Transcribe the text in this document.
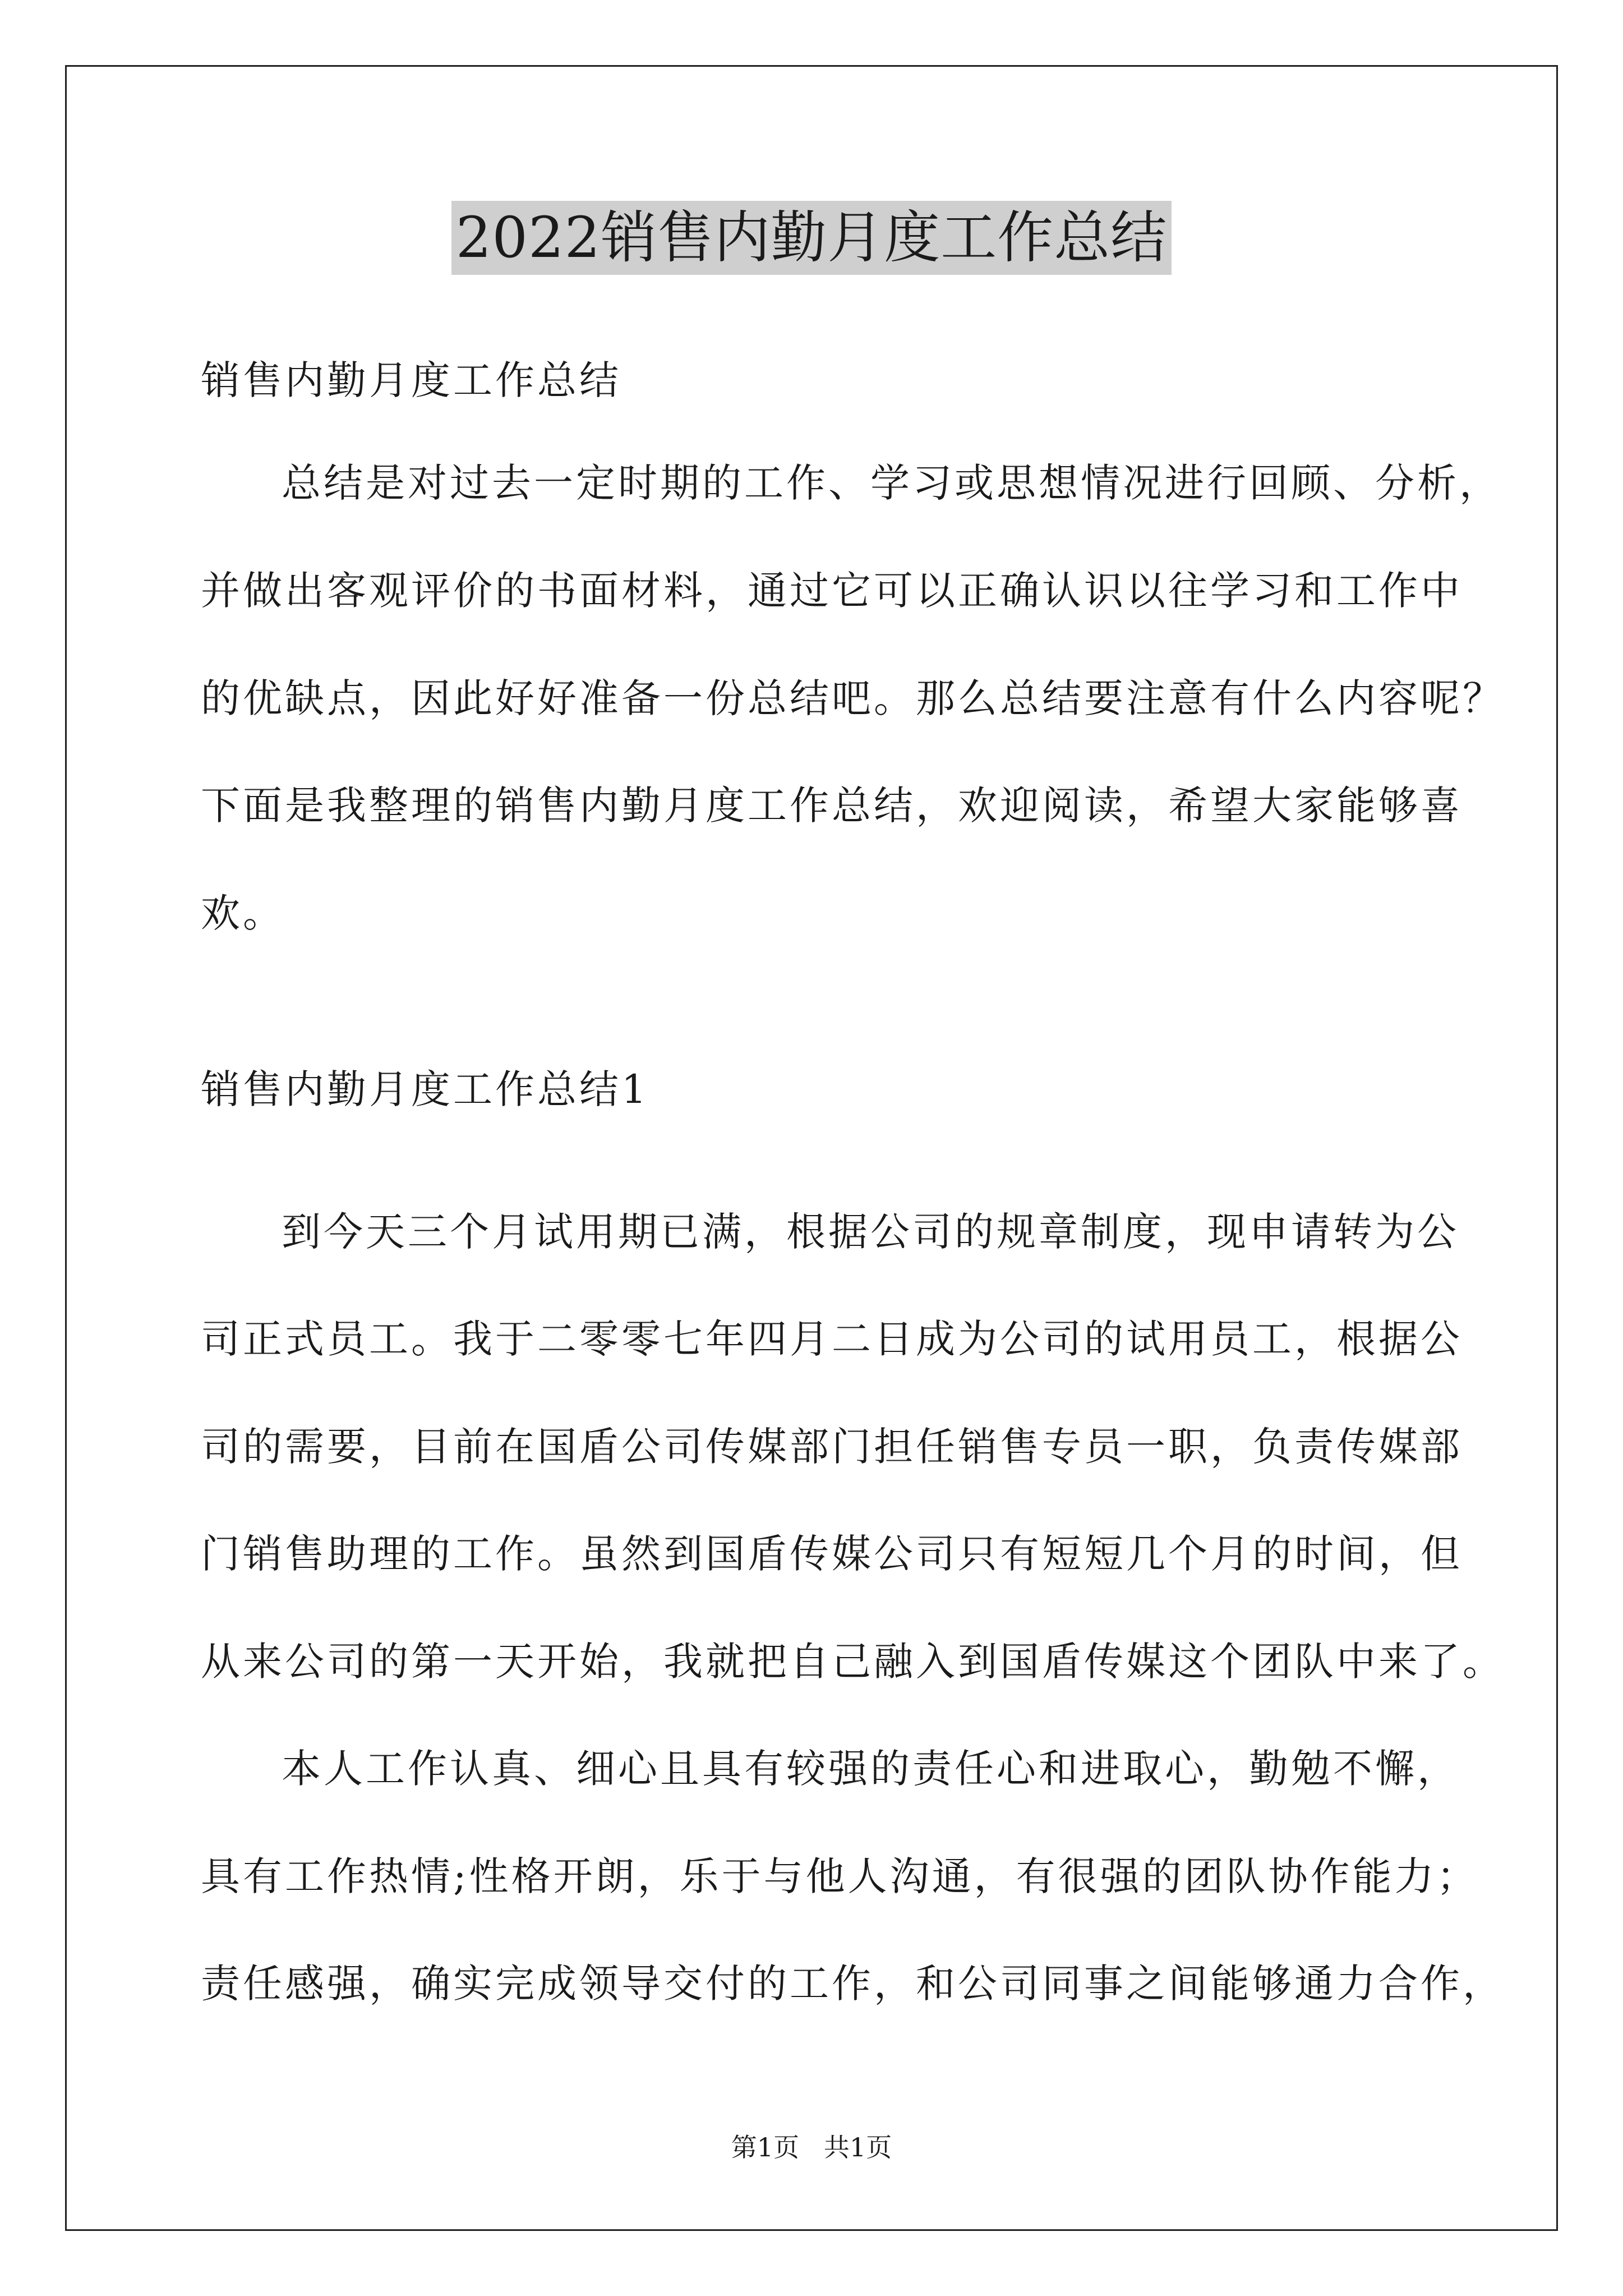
2022销售内勤月度工作总结
销售内勤月度工作总结
总结是对过去一定时期的工作、学习或思想情况进行回顾、分析，
并做出客观评价的书面材料，通过它可以正确认识以往学习和工作中
的优缺点，因此好好准备一份总结吧。那么总结要注意有什么内容呢？
下面是我整理的销售内勤月度工作总结，欢迎阅读，希望大家能够喜
欢。
销售内勤月度工作总结1
到今天三个月试用期已满，根据公司的规章制度，现申请转为公
司正式员工。我于二零零七年四月二日成为公司的试用员工，根据公
司的需要，目前在国盾公司传媒部门担任销售专员一职，负责传媒部
门销售助理的工作。虽然到国盾传媒公司只有短短几个月的时间，但
从来公司的第一天开始，我就把自己融入到国盾传媒这个团队中来了。
本人工作认真、细心且具有较强的责任心和进取心，勤勉不懈，
具有工作热情;性格开朗，乐于与他人沟通，有很强的团队协作能力；
责任感强，确实完成领导交付的工作，和公司同事之间能够通力合作，
第1页   共1页
